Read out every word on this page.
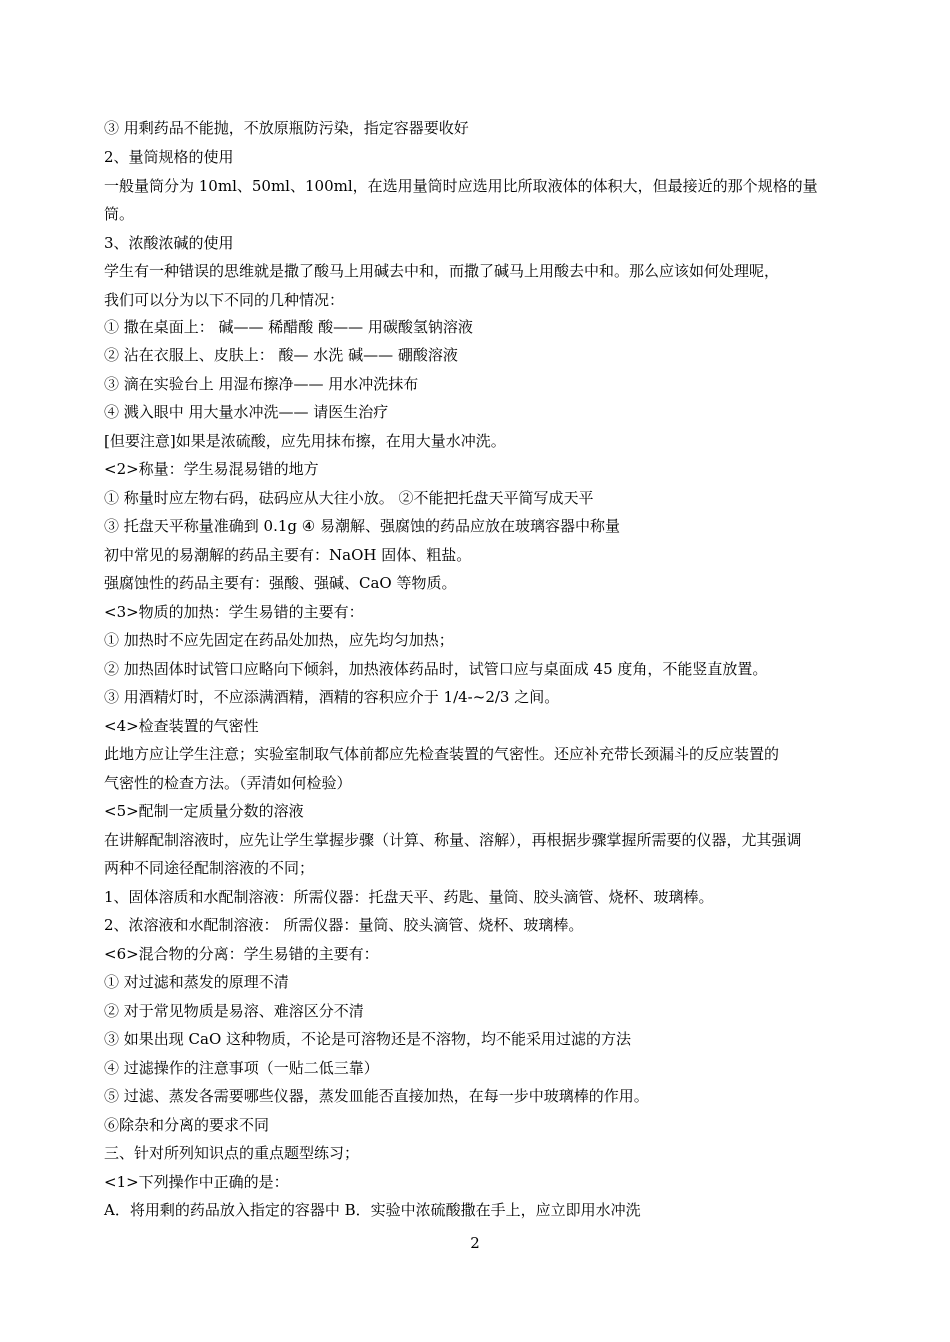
③ 用剩药品不能抛，不放原瓶防污染，指定容器要收好
2、量筒规格的使用
一般量筒分为 10ml、50ml、100ml，在选用量筒时应选用比所取液体的体积大，但最接近的那个规格的量
筒。
3、浓酸浓碱的使用
学生有一种错误的思维就是撒了酸马上用碱去中和，而撒了碱马上用酸去中和。那么应该如何处理呢，
我们可以分为以下不同的几种情况：
① 撒在桌面上： 碱—— 稀醋酸 酸—— 用碳酸氢钠溶液
② 沾在衣服上、皮肤上： 酸— 水洗 碱—— 硼酸溶液
③ 滴在实验台上 用湿布擦净—— 用水冲洗抹布
④ 溅入眼中 用大量水冲洗—— 请医生治疗
[但要注意]如果是浓硫酸，应先用抹布擦，在用大量水冲洗。
<2>称量：学生易混易错的地方
① 称量时应左物右码，砝码应从大往小放。 ②不能把托盘天平简写成天平
③ 托盘天平称量准确到 0.1g ④ 易潮解、强腐蚀的药品应放在玻璃容器中称量
初中常见的易潮解的药品主要有：NaOH 固体、粗盐。
强腐蚀性的药品主要有：强酸、强碱、CaO 等物质。
<3>物质的加热：学生易错的主要有：
① 加热时不应先固定在药品处加热，应先均匀加热；
② 加热固体时试管口应略向下倾斜，加热液体药品时，试管口应与桌面成 45 度角，不能竖直放置。
③ 用酒精灯时，不应添满酒精，酒精的容积应介于 1/4-~2/3 之间。
<4>检查装置的气密性
此地方应让学生注意；实验室制取气体前都应先检查装置的气密性。还应补充带长颈漏斗的反应装置的
气密性的检查方法。（弄清如何检验）
<5>配制一定质量分数的溶液
在讲解配制溶液时，应先让学生掌握步骤（计算、称量、溶解），再根据步骤掌握所需要的仪器，尤其强调
两种不同途径配制溶液的不同；
1、固体溶质和水配制溶液：所需仪器：托盘天平、药匙、量筒、胶头滴管、烧杯、玻璃棒。
2、浓溶液和水配制溶液： 所需仪器：量筒、胶头滴管、烧杯、玻璃棒。
<6>混合物的分离：学生易错的主要有：
① 对过滤和蒸发的原理不清
② 对于常见物质是易溶、难溶区分不清
③ 如果出现 CaO 这种物质，不论是可溶物还是不溶物，均不能采用过滤的方法
④ 过滤操作的注意事项（一贴二低三靠）
⑤ 过滤、蒸发各需要哪些仪器，蒸发皿能否直接加热，在每一步中玻璃棒的作用。
⑥除杂和分离的要求不同
三、针对所列知识点的重点题型练习；
<1>下列操作中正确的是：
A．将用剩的药品放入指定的容器中 B．实验中浓硫酸撒在手上，应立即用水冲洗
2
